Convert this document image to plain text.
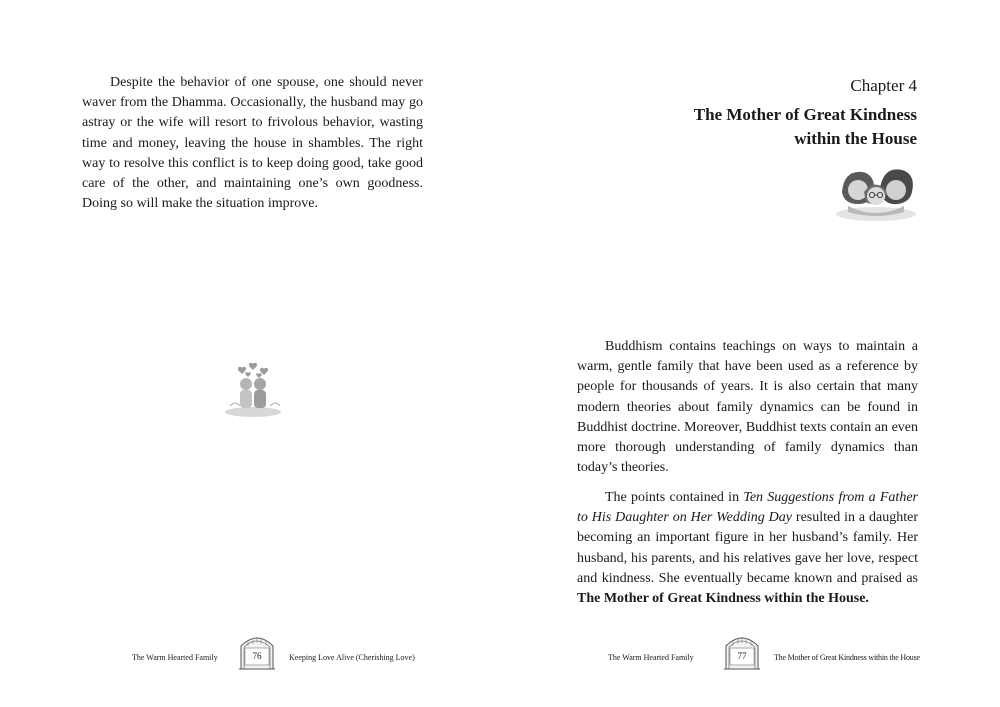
Despite the behavior of one spouse, one should never waver from the Dhamma. Occasionally, the husband may go astray or the wife will resort to frivolous behavior, wasting time and money, leaving the house in shambles. The right way to resolve this conflict is to keep doing good, take good care of the other, and maintaining one’s own goodness. Doing so will make the situation improve.

The Warm Hearted Family	76	Keeping Love Alive (Cherishing Love)

Chapter 4

The Mother of Great Kindness
within the House

Buddhism contains teachings on ways to maintain a warm, gentle family that have been used as a reference by people for thousands of years. It is also certain that many modern theories about family dynamics can be found in Buddhist doctrine. Moreover, Buddhist texts contain an even more thorough understanding of family dynamics than today’s theories.

The points contained in Ten Suggestions from a Father to His Daughter on Her Wedding Day resulted in a daughter becoming an important figure in her husband’s family. Her husband, his parents, and his relatives gave her love, respect and kindness. She eventually became known and praised as The Mother of Great Kindness within the House.

The Warm Hearted Family	77	The Mother of Great Kindness within the House
